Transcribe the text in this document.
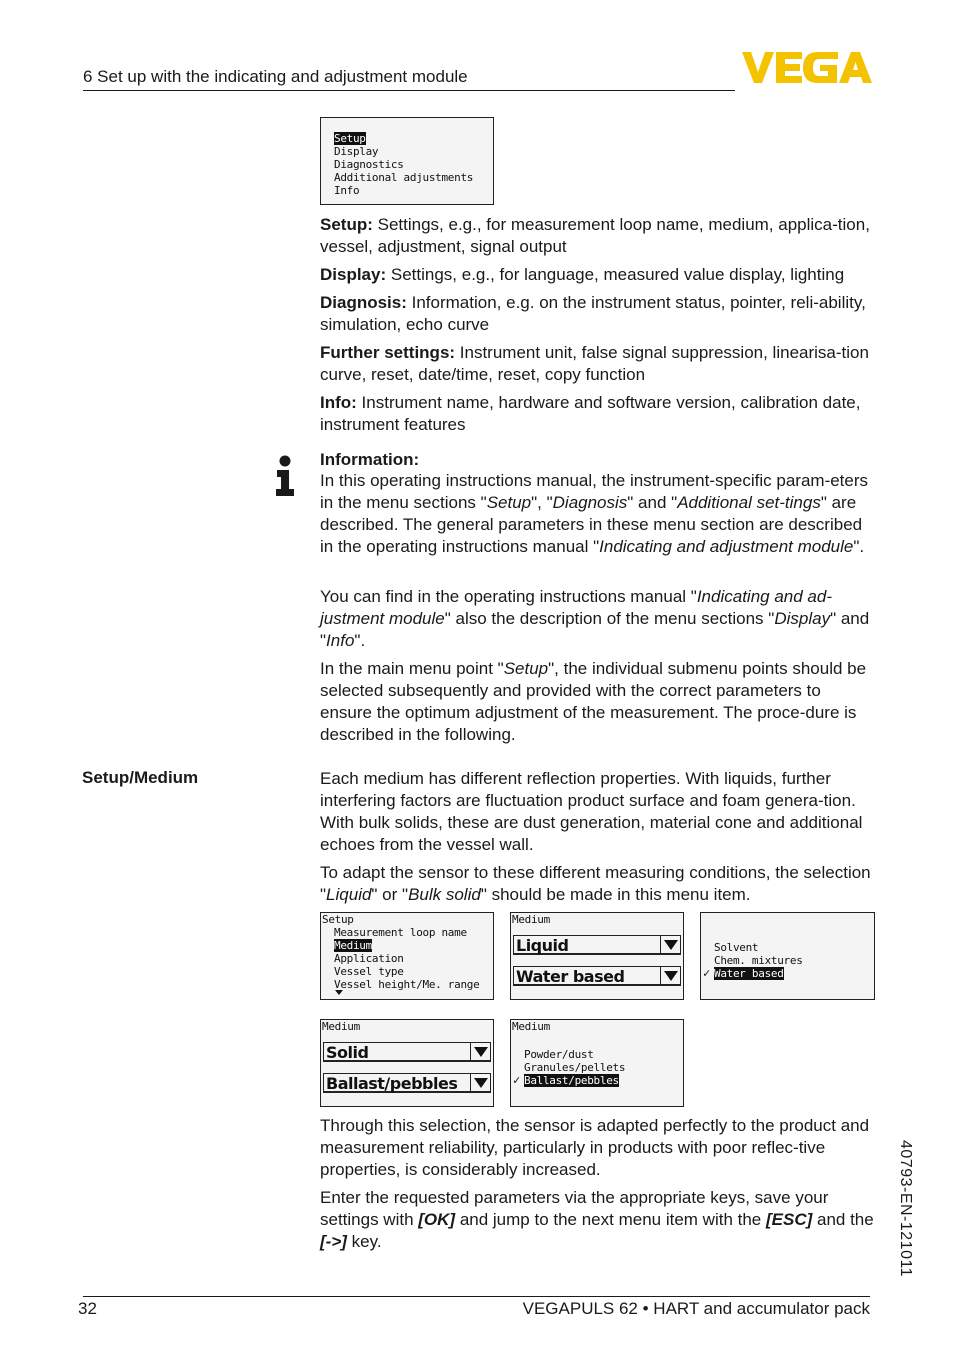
6 Set up with the indicating and adjustment module
Setup
Display
Diagnostics
Additional adjustments
Info
Setup: Settings, e.g., for measurement loop name, medium, applica-tion, vessel, adjustment, signal output
Display: Settings, e.g., for language, measured value display, lighting
Diagnosis: Information, e.g. on the instrument status, pointer, reli-ability, simulation, echo curve
Further settings: Instrument unit, false signal suppression, linearisa-tion curve, reset, date/time, reset, copy function
Info: Instrument name, hardware and software version, calibration date, instrument features
Information:
In this operating instructions manual, the instrument-specific param-eters in the menu sections "Setup", "Diagnosis" and "Additional set-tings" are described. The general parameters in these menu section are described in the operating instructions manual "Indicating and adjustment module".
You can find in the operating instructions manual "Indicating and ad-justment module" also the description of the menu sections "Display" and "Info".
In the main menu point "Setup", the individual submenu points should be selected subsequently and provided with the correct parameters to ensure the optimum adjustment of the measurement. The proce-dure is described in the following.
Setup/Medium	Each medium has different reflection properties. With liquids, further interfering factors are fluctuation product surface and foam genera-tion. With bulk solids, these are dust generation, material cone and additional echoes from the vessel wall.
To adapt the sensor to these different measuring conditions, the selection "Liquid" or "Bulk solid" should be made in this menu item.
Setup
Measurement loop name
Medium
Application
Vessel type
Vessel height/Me. range
Medium
Liquid
Water based
Solvent
Chem. mixtures
✓ Water based
Medium
Solid
Ballast/pebbles
Medium
Powder/dust
Granules/pellets
✓ Ballast/pebbles
Through this selection, the sensor is adapted perfectly to the product and measurement reliability, particularly in products with poor reflec-tive properties, is considerably increased.
Enter the requested parameters via the appropriate keys, save your settings with [OK] and jump to the next menu item with the [ESC] and the [->] key.	40793-EN-121011
32	VEGAPULS 62 • HART and accumulator pack
